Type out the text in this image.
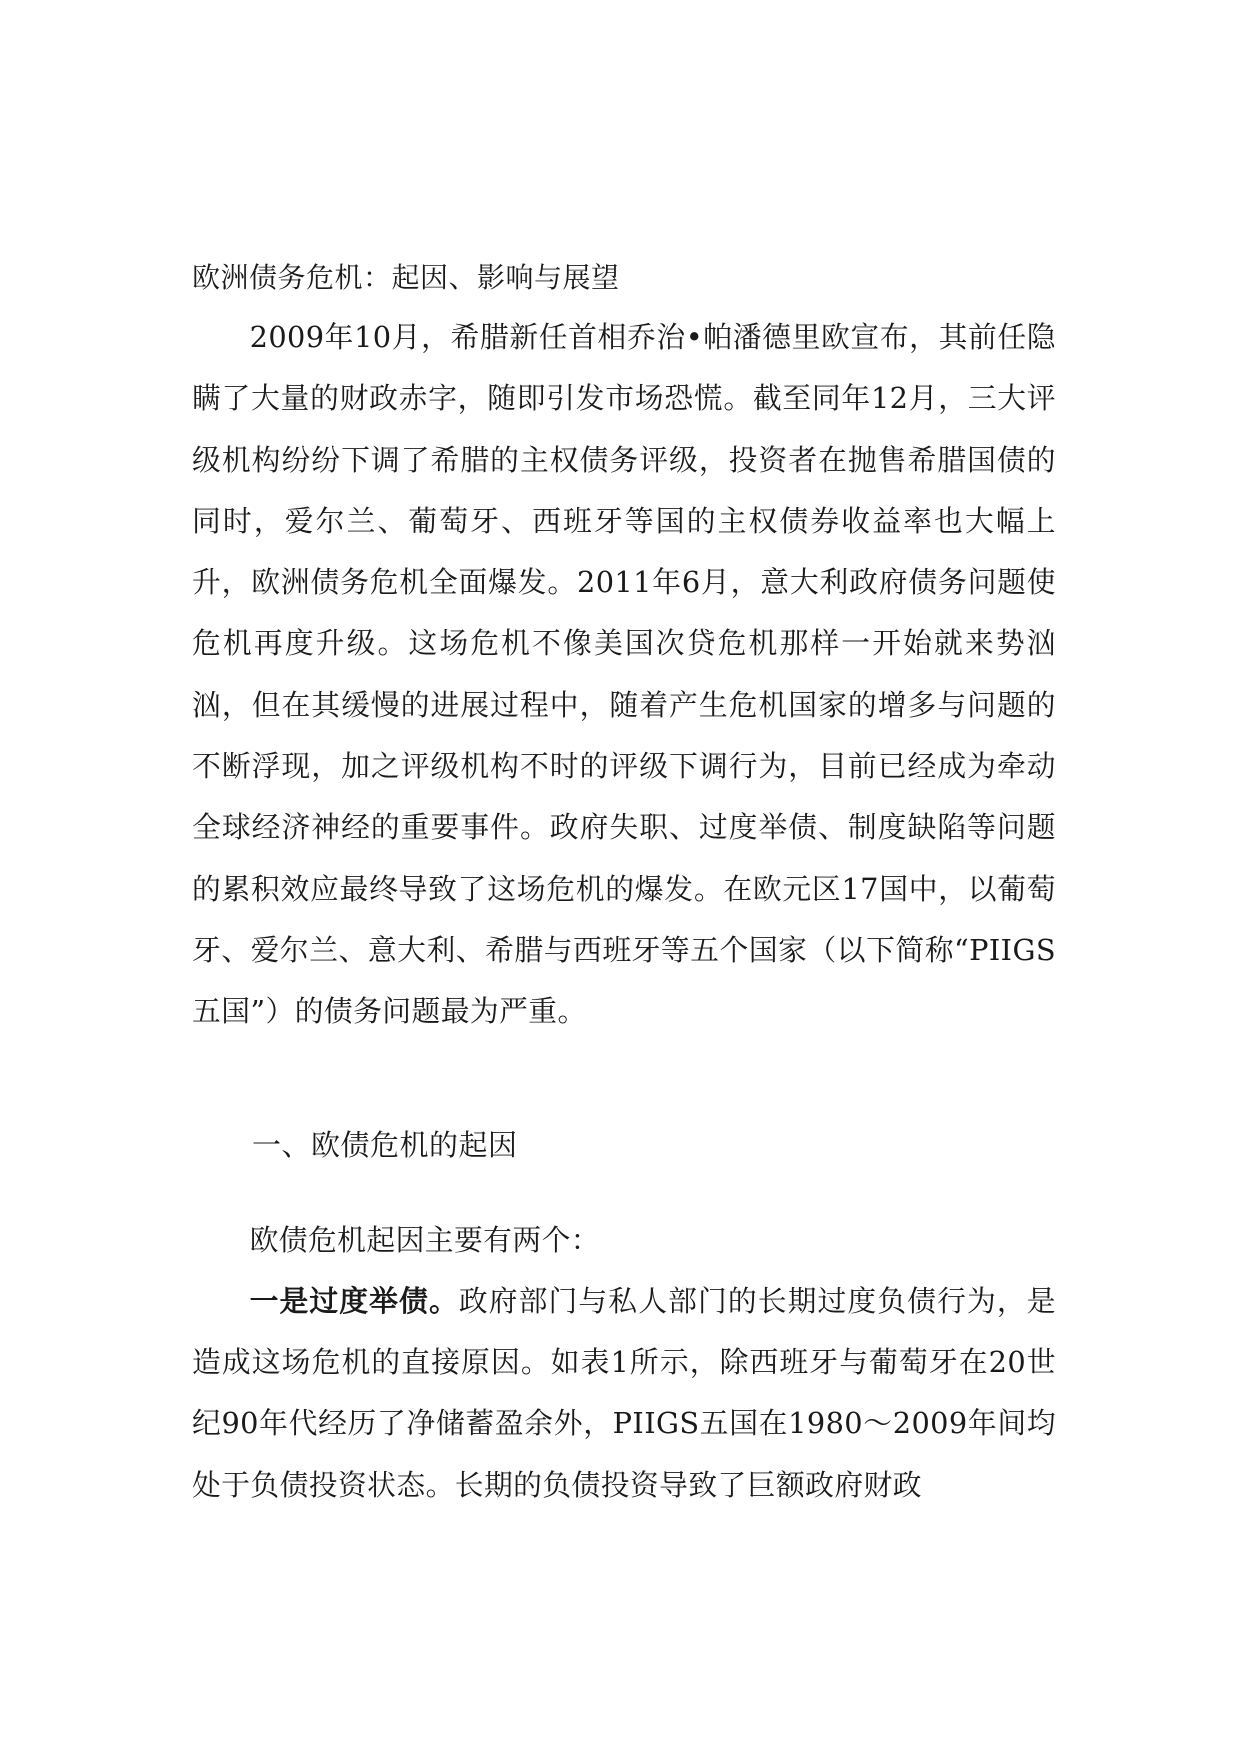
欧洲债务危机：起因、影响与展望

2009年10月，希腊新任首相乔治•帕潘德里欧宣布，其前任隐瞒了大量的财政赤字，随即引发市场恐慌。截至同年12月，三大评级机构纷纷下调了希腊的主权债务评级，投资者在抛售希腊国债的同时，爱尔兰、葡萄牙、西班牙等国的主权债券收益率也大幅上升，欧洲债务危机全面爆发。2011年6月，意大利政府债务问题使危机再度升级。这场危机不像美国次贷危机那样一开始就来势汹汹，但在其缓慢的进展过程中，随着产生危机国家的增多与问题的不断浮现，加之评级机构不时的评级下调行为，目前已经成为牵动全球经济神经的重要事件。政府失职、过度举债、制度缺陷等问题的累积效应最终导致了这场危机的爆发。在欧元区17国中，以葡萄牙、爱尔兰、意大利、希腊与西班牙等五个国家（以下简称“PIIGS五国”）的债务问题最为严重。

一、欧债危机的起因

欧债危机起因主要有两个：

一是过度举债。政府部门与私人部门的长期过度负债行为，是造成这场危机的直接原因。如表1所示，除西班牙与葡萄牙在20世纪90年代经历了净储蓄盈余外，PIIGS五国在1980～2009年间均处于负债投资状态。长期的负债投资导致了巨额政府财政
